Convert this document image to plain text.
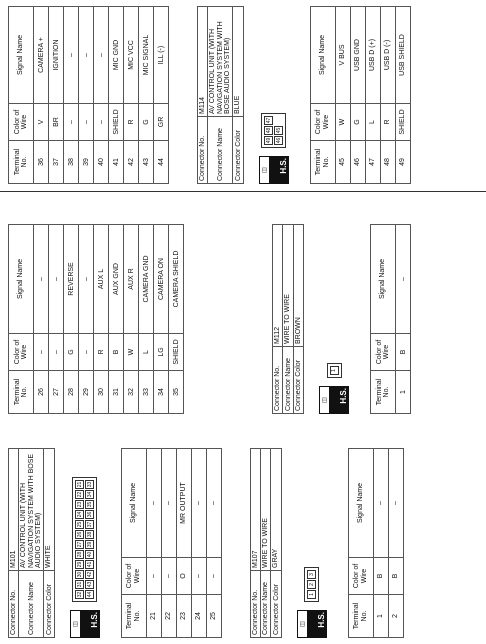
Connector No.	M101
Connector Name	AV CONTROL UNIT (WITH NAVIGATION SYSTEM WITH BOSE AUDIO SYSTEM)
Connector Color	WHITE
◫	H.S.
32
31
30
29
28
27
26
25
24
23
22
21
44
43
42
41
40
39
38
37
36
35
34
33
Terminal No.	Color of Wire	Signal Name
21	–	–
22	–	–
23	O	MR OUTPUT
24	–	–
25	–	–
Connector No.	M107
Connector Name	WIRE TO WIRE
Connector Color	GRAY
◫	H.S.
1
2
3
Terminal No.	Color of Wire	Signal Name
1	B	–
2	B	–
Terminal No.	Color of Wire	Signal Name
26	–	–
27	–	–
28	G	REVERSE
29	–	–
30	R	AUX L
31	B	AUX GND
32	W	AUX R
33	L	CAMERA GND
34	LG	CAMERA ON
35	SHIELD	CAMERA SHIELD
Connector No.	M112
Connector Name	WIRE TO WIRE
Connector Color	BROWN
◫	H.S.
1
Terminal No.	Color of Wire	Signal Name
1	B	–
Terminal No.	Color of Wire	Signal Name
36	V	CAMERA +
37	BR	IGNITION
38	–	–
39	–	–
40	–	–
41	SHIELD	MIC GND
42	R	MIC VCC
43	G	MIC SIGNAL
44	GR	ILL (-)
Connector No.	M114
Connector Name	AV CONTROL UNIT (WITH NAVIGATION SYSTEM WITH BOSE AUDIO SYSTEM)
Connector Color	BLUE
◫	H.S.
49
48
47
46
45
Terminal No.	Color of Wire	Signal Name
45	W	V BUS
46	G	USB GND
47	L	USB D (+)
48	R	USB D (-)
49	SHIELD	USB SHIELD
